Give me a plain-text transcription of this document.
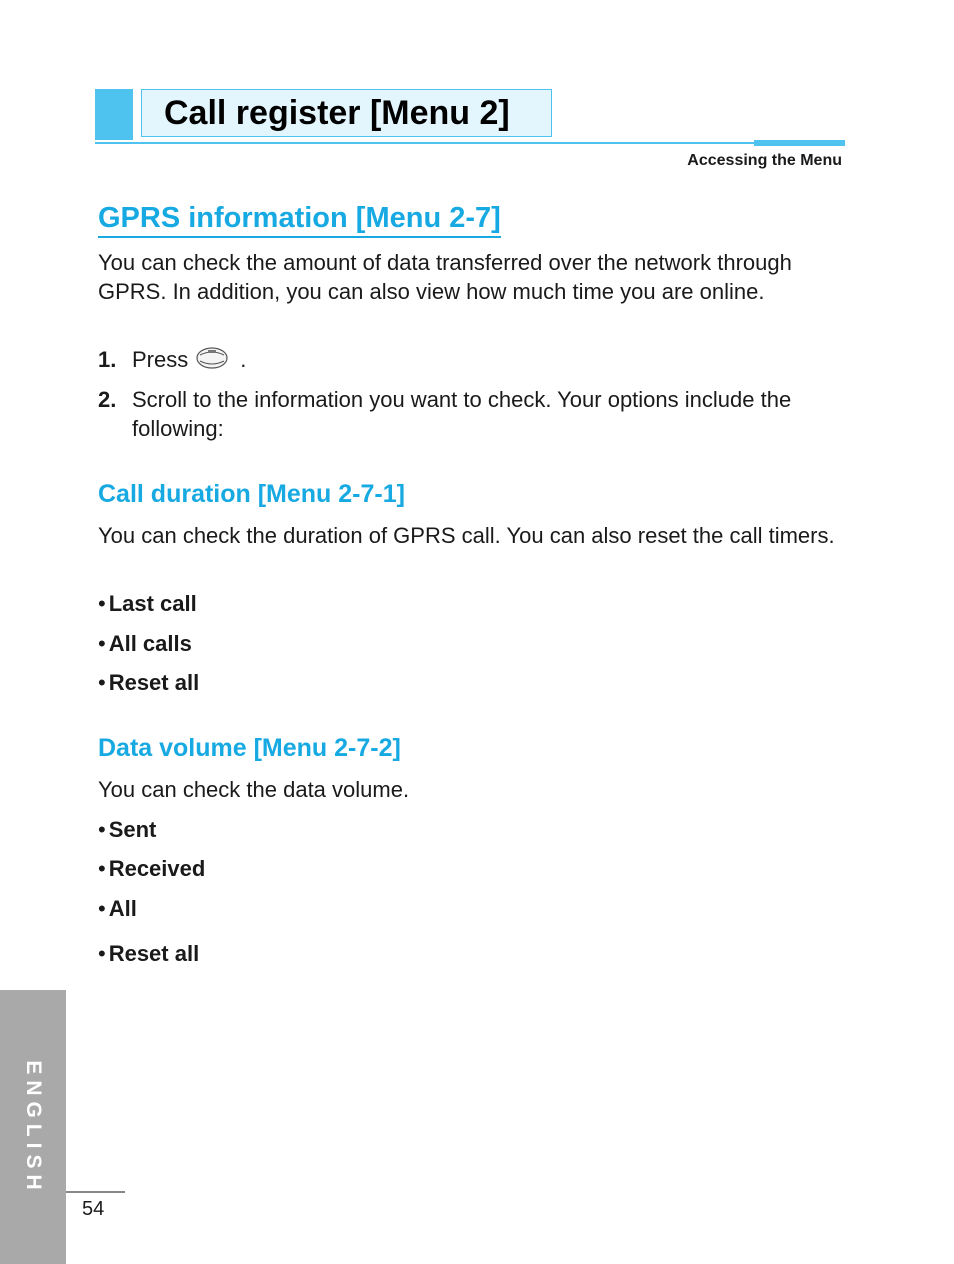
Call register [Menu 2]
Accessing the Menu
GPRS information [Menu 2-7]
You can check the amount of data transferred over the network through GPRS. In addition, you can also view how much time you are online.
1. Press .
2. Scroll to the information you want to check. Your options include the following:
Call duration [Menu 2-7-1]
You can check the duration of GPRS call. You can also reset the call timers.
• Last call
• All calls
• Reset all
Data volume [Menu 2-7-2]
You can check the data volume.
• Sent
• Received
• All
• Reset all
ENGLISH
54
